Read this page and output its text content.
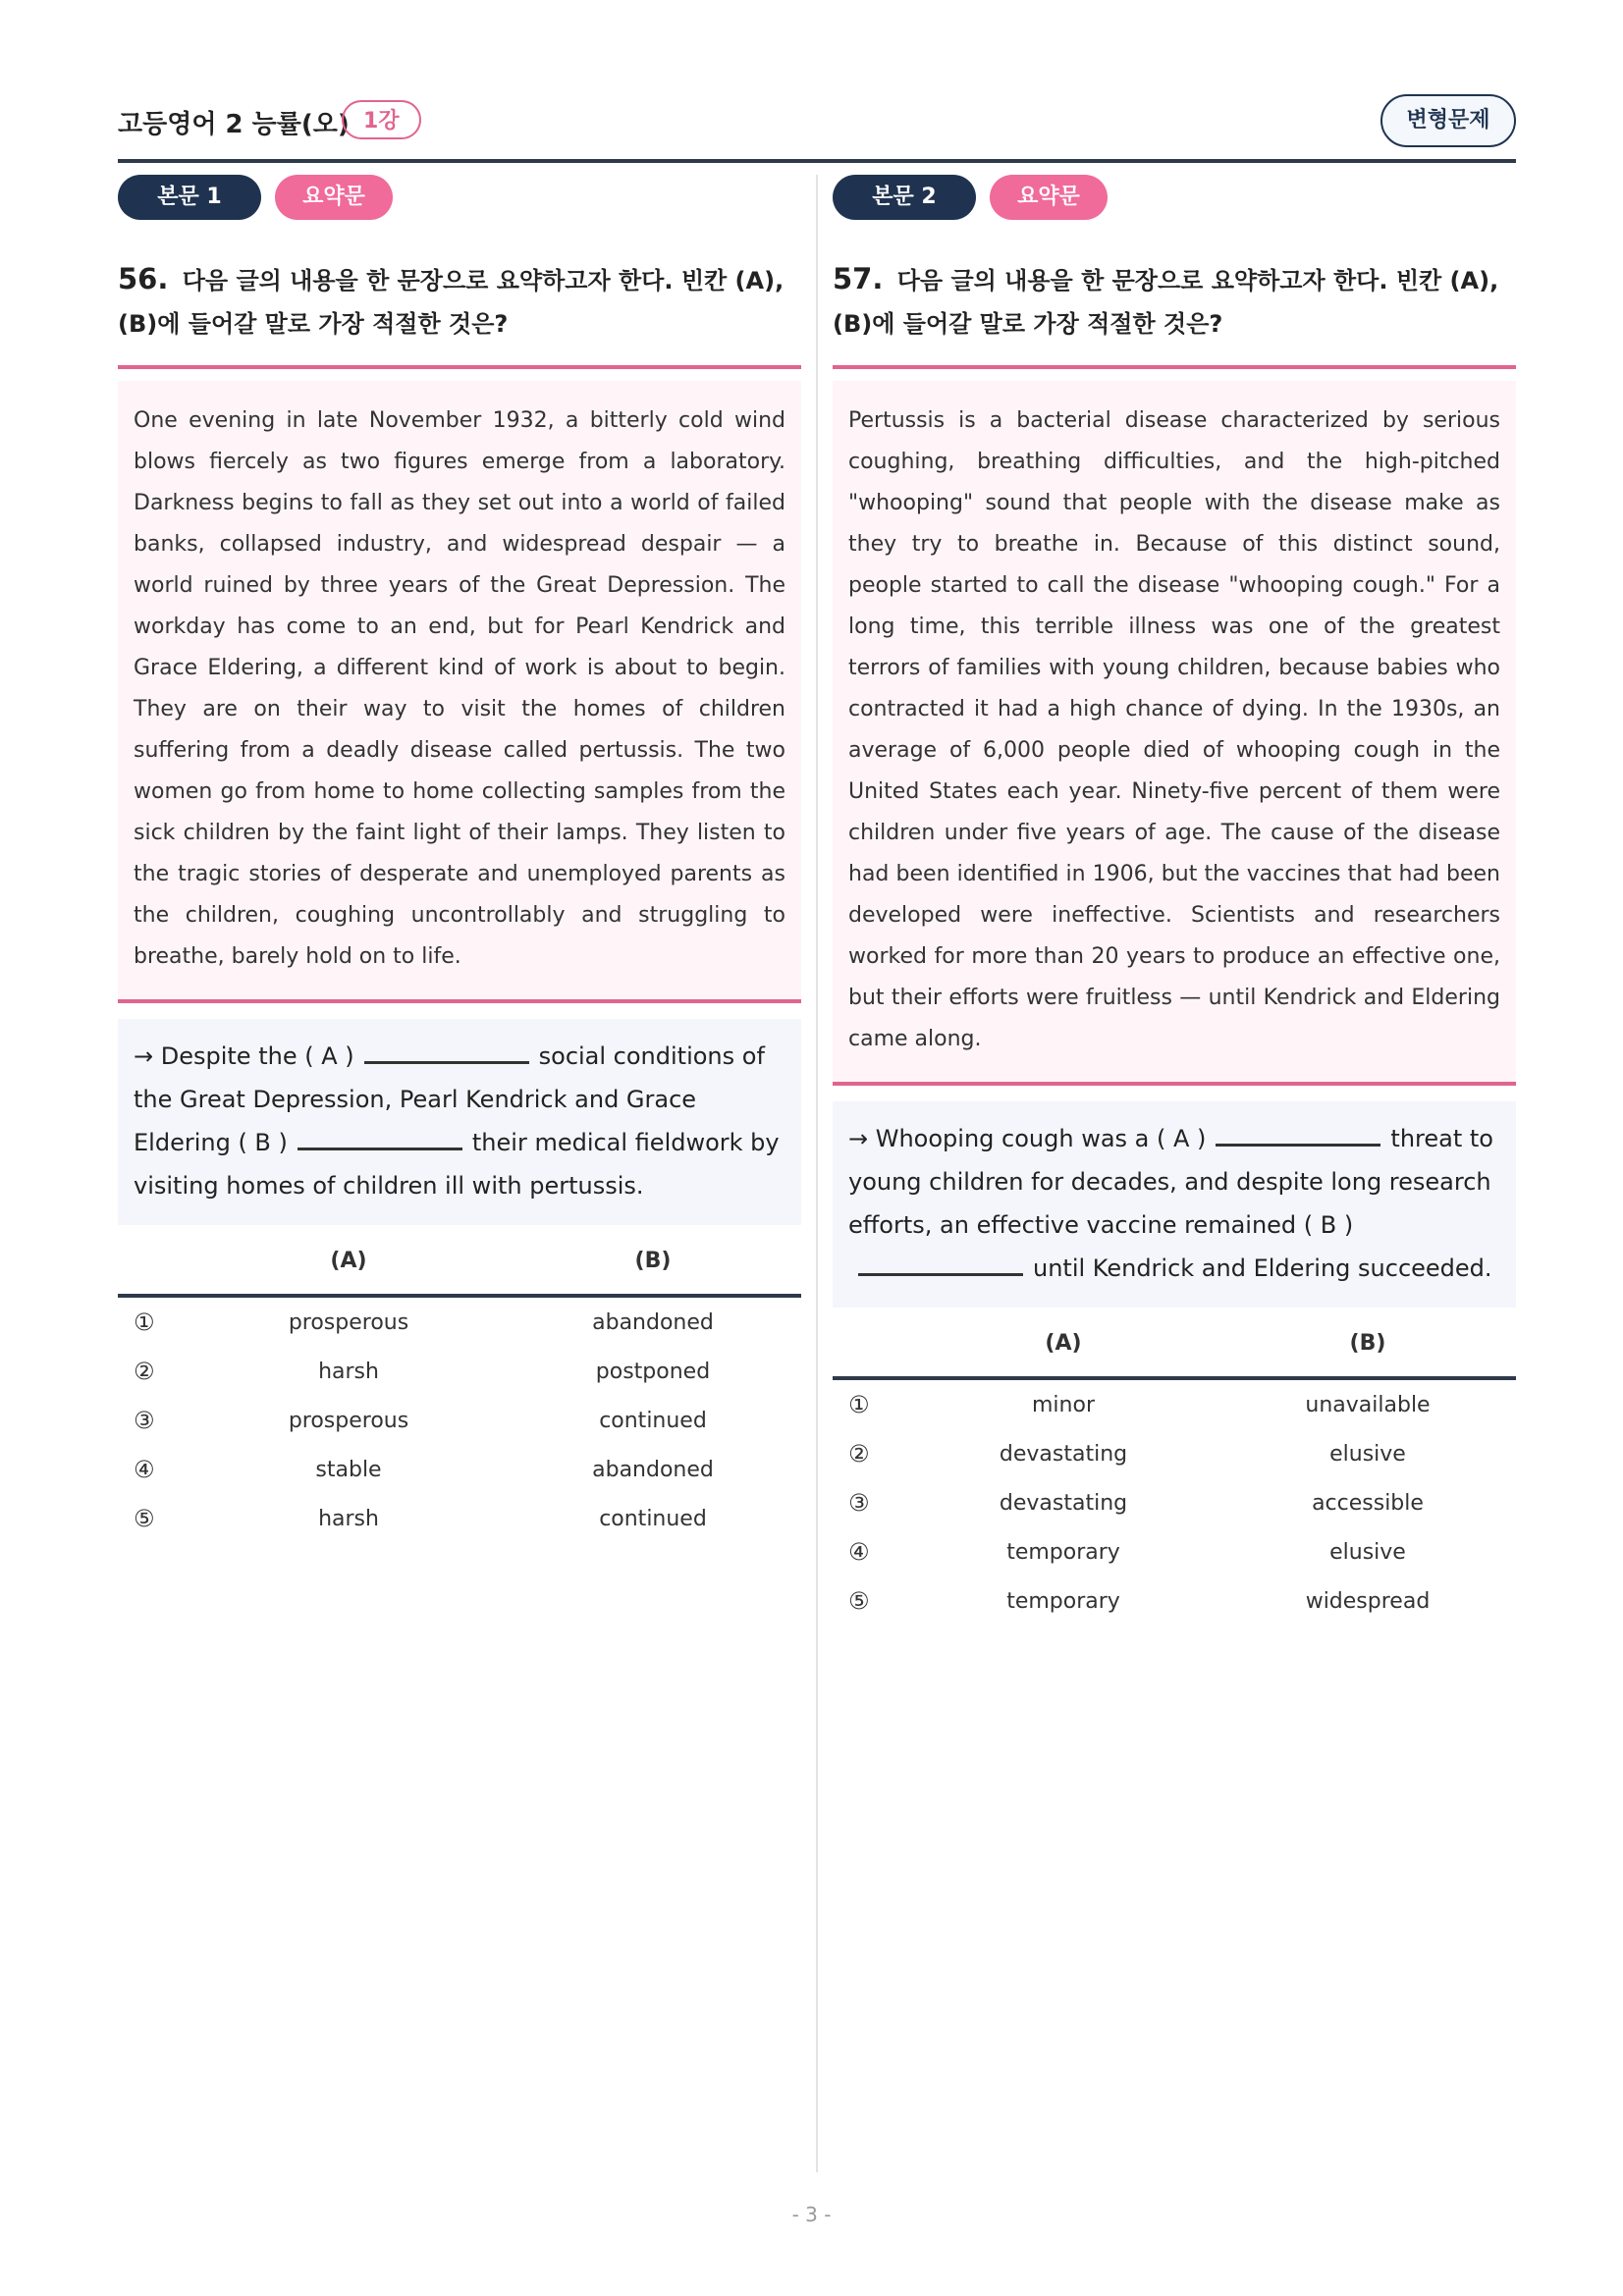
고등영어 2 능률(오) 1강	변형문제
본문 1	요약문
56. 다음 글의 내용을 한 문장으로 요약하고자 한다. 빈칸 (A), (B)에 들어갈 말로 가장 적절한 것은?
One evening in late November 1932, a bitterly cold wind blows fiercely as two figures emerge from a laboratory. Darkness begins to fall as they set out into a world of failed banks, collapsed industry, and widespread despair — a world ruined by three years of the Great Depression. The workday has come to an end, but for Pearl Kendrick and Grace Eldering, a different kind of work is about to begin. They are on their way to visit the homes of children suffering from a deadly disease called pertussis. The two women go from home to home collecting samples from the sick children by the faint light of their lamps. They listen to the tragic stories of desperate and unemployed parents as the children, coughing uncontrollably and struggling to breathe, barely hold on to life.
→ Despite the ( A )	social conditions of the Great Depression, Pearl Kendrick and Grace Eldering ( B )	their medical fieldwork by visiting homes of children ill with pertussis.
	(A)	(B)
①	prosperous	abandoned
②	harsh	postponed
③	prosperous	continued
④	stable	abandoned
⑤	harsh	continued
본문 2	요약문
57. 다음 글의 내용을 한 문장으로 요약하고자 한다. 빈칸 (A), (B)에 들어갈 말로 가장 적절한 것은?
Pertussis is a bacterial disease characterized by serious coughing, breathing difficulties, and the high-pitched "whooping" sound that people with the disease make as they try to breathe in. Because of this distinct sound, people started to call the disease "whooping cough." For a long time, this terrible illness was one of the greatest terrors of families with young children, because babies who contracted it had a high chance of dying. In the 1930s, an average of 6,000 people died of whooping cough in the United States each year. Ninety-five percent of them were children under five years of age. The cause of the disease had been identified in 1906, but the vaccines that had been developed were ineffective. Scientists and researchers worked for more than 20 years to produce an effective one, but their efforts were fruitless — until Kendrick and Eldering came along.
→ Whooping cough was a ( A )	threat to young children for decades, and despite long research efforts, an effective vaccine remained ( B )until Kendrick and Eldering succeeded.
	(A)	(B)
①	minor	unavailable
②	devastating	elusive
③	devastating	accessible
④	temporary	elusive
⑤	temporary	widespread
- 3 -
